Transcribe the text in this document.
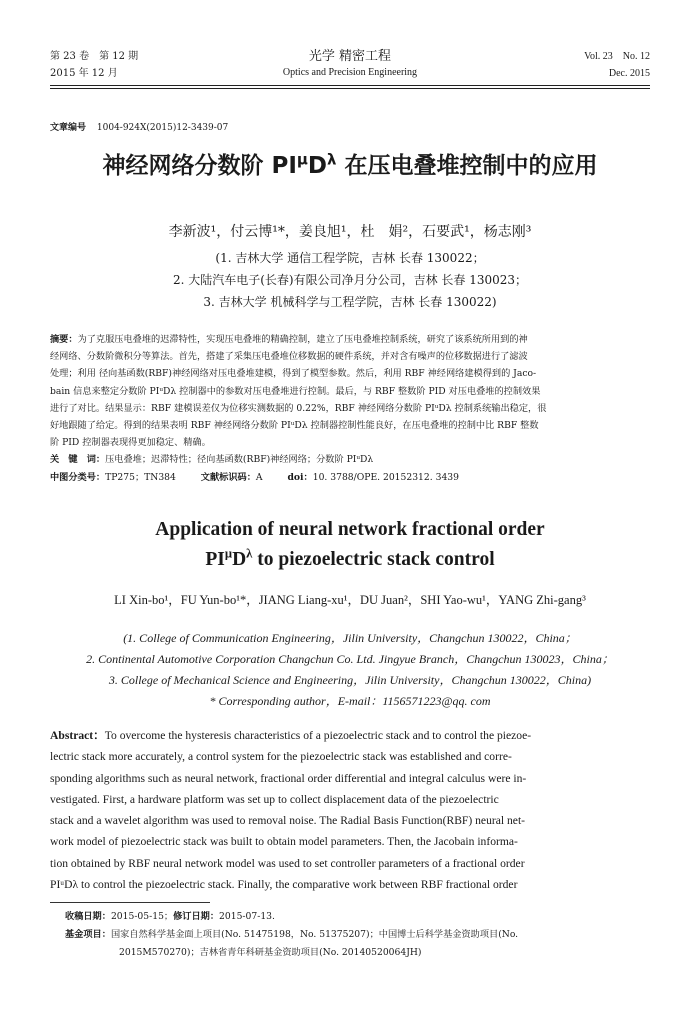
第 23 卷　第 12 期
2015 年 12 月
光学 精密工程
Optics and Precision Engineering
Vol. 23　No. 12
Dec. 2015
文章编号 1004-924X(2015)12-3439-07
神经网络分数阶 $PI^\mu D^\lambda$ 在压电叠堆控制中的应用
李新波¹，付云博¹*，姜良旭¹，杜　娟²，石要武¹，杨志刚³
(1. 吉林大学 通信工程学院，吉林 长春 130022；
2. 大陆汽车电子(长春)有限公司净月分公司，吉林 长春 130023；
3. 吉林大学 机械科学与工程学院，吉林 长春 130022)
摘要：为了克服压电叠堆的迟滞特性，实现压电叠堆的精确控制，建立了压电叠堆控制系统，研究了该系统所用到的神
经网络、分数阶微积分等算法。首先，搭建了采集压电叠堆位移数据的硬件系统，并对含有噪声的位移数据进行了滤波
处理；利用 径向基函数(RBF)神经网络对压电叠堆建模，得到了模型参数。然后，利用 RBF 神经网络建模得到的 Jaco-
bain 信息来整定分数阶 PIᵘDλ 控制器中的参数对压电叠堆进行控制。最后，与 RBF 整数阶 PID 对压电叠堆的控制效果
进行了对比。结果显示：RBF 建模误差仅为位移实测数据的 0.22%，RBF 神经网络分数阶 PIᵘDλ 控制系统输出稳定，很
好地跟随了给定。得到的结果表明 RBF 神经网络分数阶 PIᵘDλ 控制器控制性能良好，在压电叠堆的控制中比 RBF 整数
阶 PID 控制器表现得更加稳定、精确。
关　键　词：压电叠堆；迟滞特性；径向基函数(RBF)神经网络；分数阶 PIᵘDλ
中图分类号：TP275；TN384	文献标识码：A	doi：10. 3788/OPE. 20152312. 3439
Application of neural network fractional order
$PI^\mu D^\lambda$ to piezoelectric stack control
LI Xin-bo¹，FU Yun-bo¹*，JIANG Liang-xu¹，DU Juan²，SHI Yao-wu¹，YANG Zhi-gang³
(1. College of Communication Engineering，Jilin University，Changchun 130022，China；
2. Continental Automotive Corporation Changchun Co. Ltd. Jingyue Branch，Changchun 130023，China；
3. College of Mechanical Science and Engineering，Jilin University，Changchun 130022，China)
* Corresponding author，E-mail：1156571223@qq. com
Abstract：To overcome the hysteresis characteristics of a piezoelectric stack and to control the piezoe-
lectric stack more accurately, a control system for the piezoelectric stack was established and corre-
sponding algorithms such as neural network, fractional order differential and integral calculus were in-
vestigated. First, a hardware platform was set up to collect displacement data of the piezoelectric
stack and a wavelet algorithm was used to removal noise. The Radial Basis Function(RBF) neural net-
work model of piezoelectric stack was built to obtain model parameters. Then, the Jacobain informa-
tion obtained by RBF neural network model was used to set controller parameters of a fractional order
PIᵘDλ to control the piezoelectric stack. Finally, the comparative work between RBF fractional order
收稿日期：2015-05-15；修订日期：2015-07-13.
基金项目：国家自然科学基金面上项目(No. 51475198，No. 51375207)；中国博士后科学基金资助项目(No.
2015M570270)；吉林省青年科研基金资助项目(No. 20140520064JH)
